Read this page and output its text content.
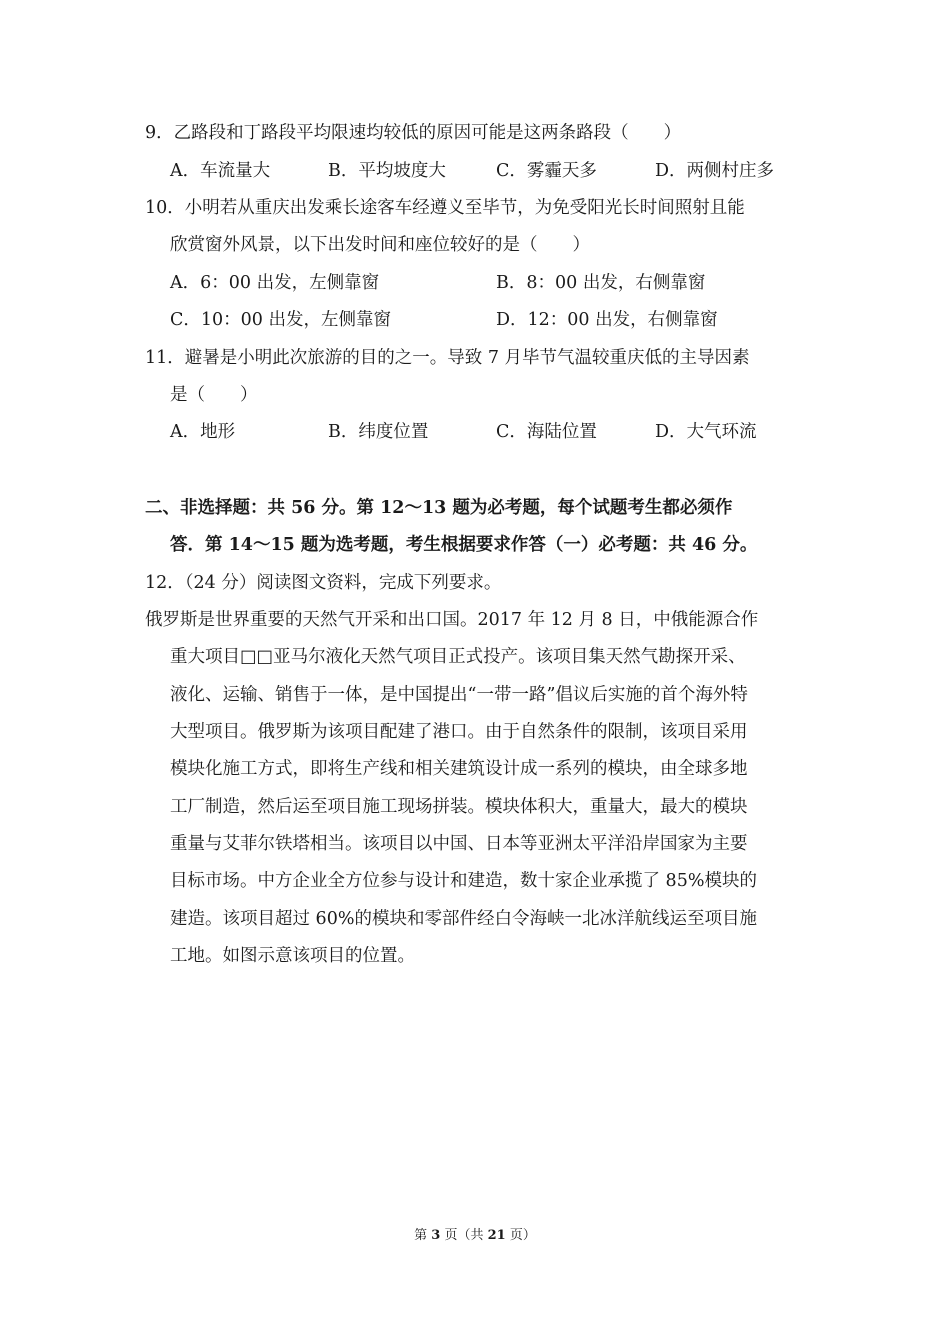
9．乙路段和丁路段平均限速均较低的原因可能是这两条路段（　　）
A．车流量大	B．平均坡度大	C．雾霾天多	D．两侧村庄多
10．小明若从重庆出发乘长途客车经遵义至毕节，为免受阳光长时间照射且能
欣赏窗外风景，以下出发时间和座位较好的是（　　）
A．6：00 出发，左侧靠窗	B．8：00 出发，右侧靠窗
C．10：00 出发，左侧靠窗	D．12：00 出发，右侧靠窗
11．避暑是小明此次旅游的目的之一。导致 7 月毕节气温较重庆低的主导因素
是（　　）
A．地形	B．纬度位置	C．海陆位置	D．大气环流
二、非选择题：共 56 分。第 12～13 题为必考题，每个试题考生都必须作
答．第 14～15 题为选考题，考生根据要求作答（一）必考题：共 46 分。
12．（24 分）阅读图文资料，完成下列要求。
俄罗斯是世界重要的天然气开采和出口国。2017 年 12 月 8 日，中俄能源合作
重大项目□□亚马尔液化天然气项目正式投产。该项目集天然气勘探开采、
液化、运输、销售于一体，是中国提出“一带一路”倡议后实施的首个海外特
大型项目。俄罗斯为该项目配建了港口。由于自然条件的限制，该项目采用
模块化施工方式，即将生产线和相关建筑设计成一系列的模块，由全球多地
工厂制造，然后运至项目施工现场拼装。模块体积大，重量大，最大的模块
重量与艾菲尔铁塔相当。该项目以中国、日本等亚洲太平洋沿岸国家为主要
目标市场。中方企业全方位参与设计和建造，数十家企业承揽了 85%模块的
建造。该项目超过 60%的模块和零部件经白令海峡一北冰洋航线运至项目施
工地。如图示意该项目的位置。
第 3 页（共 21 页）
